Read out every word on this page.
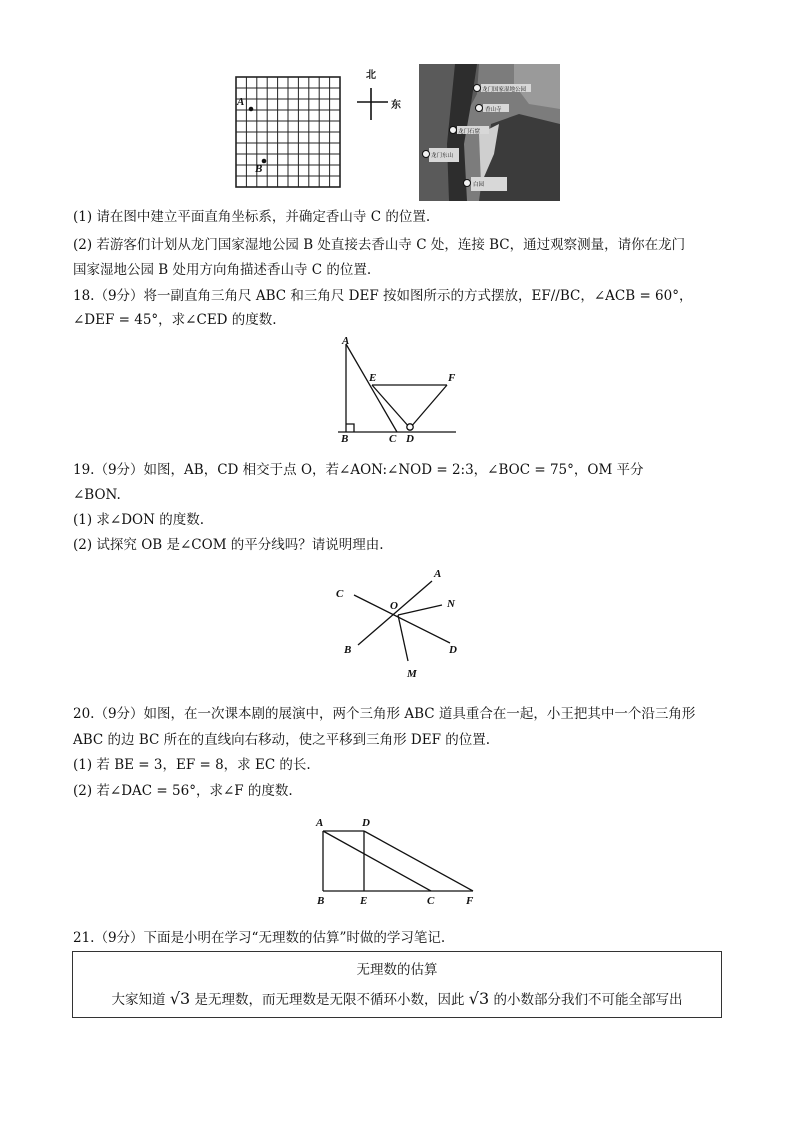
A
B
北
东
龙门国家湿地公园
香山寺
龙门石窟
龙门东山
白园
(1) 请在图中建立平面直角坐标系，并确定香山寺 C 的位置.
(2) 若游客们计划从龙门国家湿地公园 B 处直接去香山寺 C 处，连接 BC，通过观察测量，请你在龙门
国家湿地公园 B 处用方向角描述香山寺 C 的位置.
18.（9分）将一副直角三角尺 ABC 和三角尺 DEF 按如图所示的方式摆放，EF//BC，∠ACB = 60°，
∠DEF = 45°，求∠CED 的度数.
A
E	F
B	C D
19.（9分）如图，AB，CD 相交于点 O，若∠AON:∠NOD = 2:3，∠BOC = 75°，OM 平分
∠BON.
(1) 求∠DON 的度数.
(2) 试探究 OB 是∠COM 的平分线吗？请说明理由.
C
O
A
N
B	D
M
20.（9分）如图，在一次课本剧的展演中，两个三角形 ABC 道具重合在一起，小王把其中一个沿三角形
ABC 的边 BC 所在的直线向右移动，使之平移到三角形 DEF 的位置.
(1) 若 BE = 3，EF = 8，求 EC 的长.
(2) 若∠DAC = 56°，求∠F 的度数.
A	D
B	E	C	F
21.（9分）下面是小明在学习“无理数的估算”时做的学习笔记.
无理数的估算
大家知道 √3 是无理数，而无理数是无限不循环小数，因此 √3 的小数部分我们不可能全部写出
